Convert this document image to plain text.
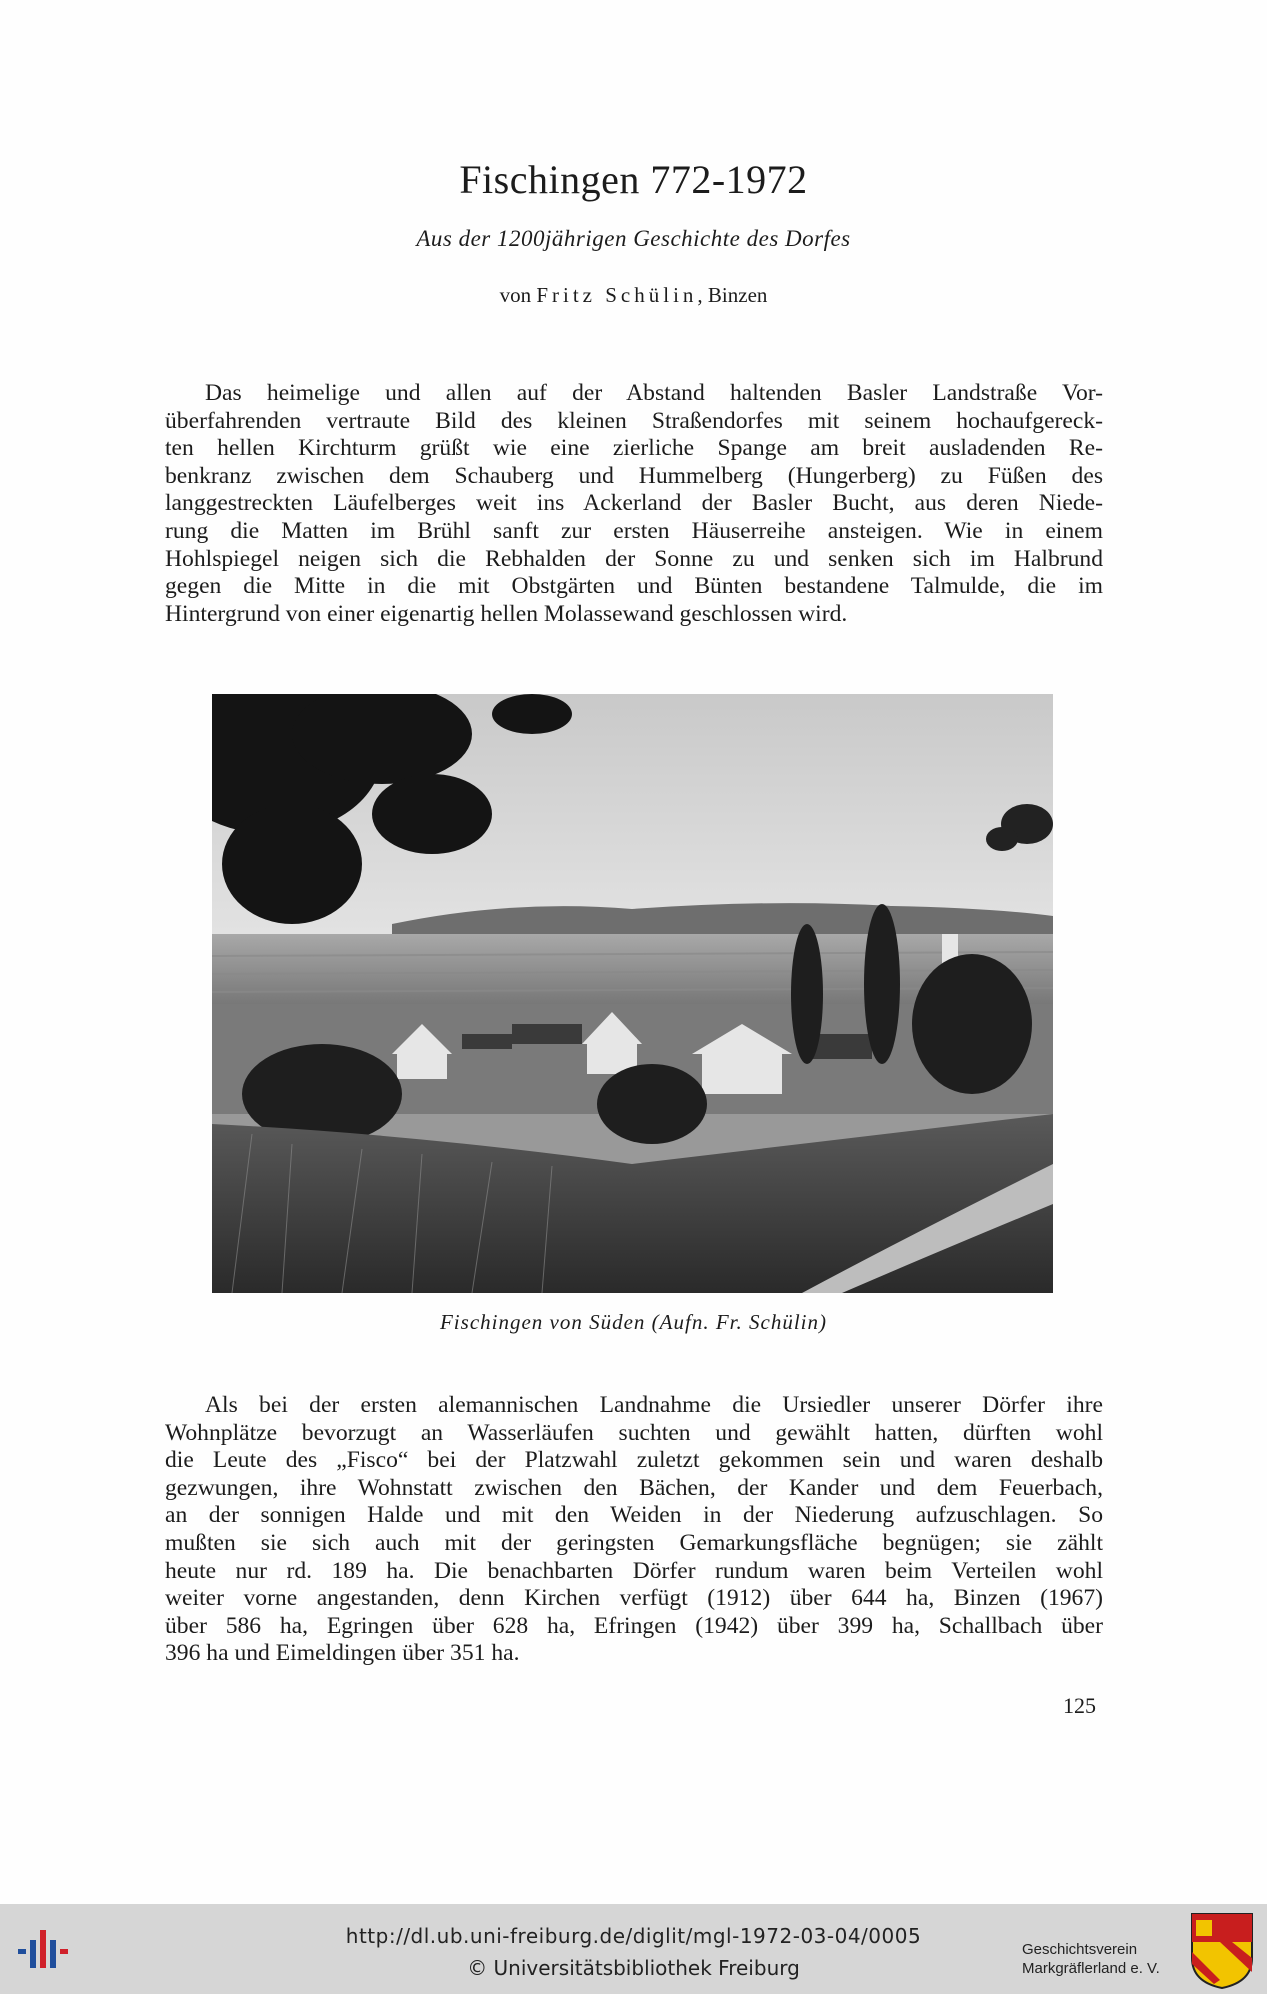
Fischingen 772-1972
Aus der 1200jährigen Geschichte des Dorfes
von Fritz Schülin, Binzen
Das heimelige und allen auf der Abstand haltenden Basler Landstraße Vor-
überfahrenden vertraute Bild des kleinen Straßendorfes mit seinem hochaufgereck-
ten hellen Kirchturm grüßt wie eine zierliche Spange am breit ausladenden Re-
benkranz zwischen dem Schauberg und Hummelberg (Hungerberg) zu Füßen des
langgestreckten Läufelberges weit ins Ackerland der Basler Bucht, aus deren Niede-
rung die Matten im Brühl sanft zur ersten Häuserreihe ansteigen. Wie in einem
Hohlspiegel neigen sich die Rebhalden der Sonne zu und senken sich im Halbrund
gegen die Mitte in die mit Obstgärten und Bünten bestandene Talmulde, die im
Hintergrund von einer eigenartig hellen Molassewand geschlossen wird.
Fischingen von Süden (Aufn. Fr. Schülin)
Als bei der ersten alemannischen Landnahme die Ursiedler unserer Dörfer ihre
Wohnplätze bevorzugt an Wasserläufen suchten und gewählt hatten, dürften wohl
die Leute des „Fisco“ bei der Platzwahl zuletzt gekommen sein und waren deshalb
gezwungen, ihre Wohnstatt zwischen den Bächen, der Kander und dem Feuerbach,
an der sonnigen Halde und mit den Weiden in der Niederung aufzuschlagen. So
mußten sie sich auch mit der geringsten Gemarkungsfläche begnügen; sie zählt
heute nur rd. 189 ha. Die benachbarten Dörfer rundum waren beim Verteilen wohl
weiter vorne angestanden, denn Kirchen verfügt (1912) über 644 ha, Binzen (1967)
über 586 ha, Egringen über 628 ha, Efringen (1942) über 399 ha, Schallbach über
396 ha und Eimeldingen über 351 ha.
125
http://dl.ub.uni-freiburg.de/diglit/mgl-1972-03-04/0005
© Universitätsbibliothek Freiburg
Geschichtsverein
Markgräflerland e. V.
